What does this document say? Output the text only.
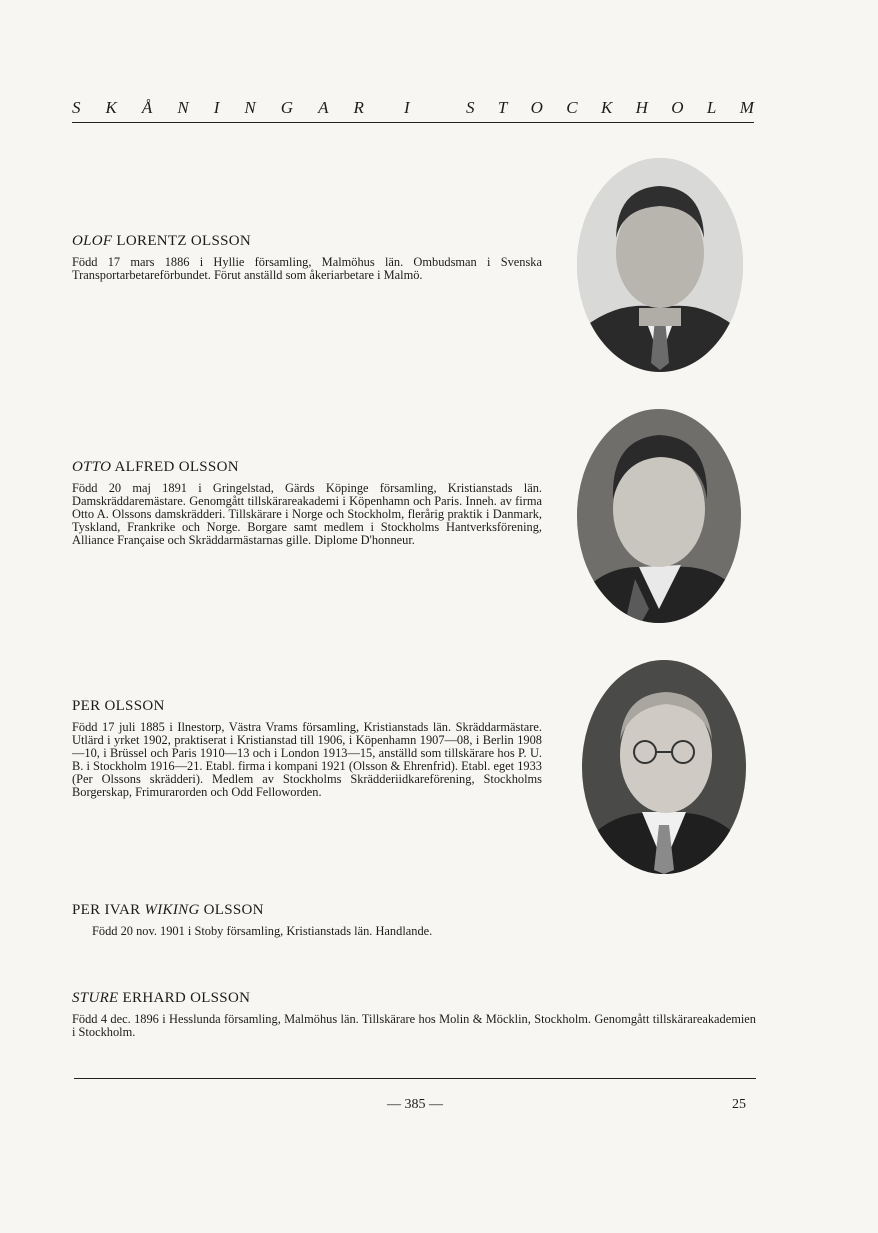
S K Å N I N G A R I	S T O C K H O L M

OLOF LORENTZ OLSSON

Född 17 mars 1886 i Hyllie församling, Malmöhus län. Ombudsman i Svenska Transportarbetareförbundet. Förut anställd som åkeriarbetare i Malmö.

OTTO ALFRED OLSSON

Född 20 maj 1891 i Gringelstad, Gärds Köpinge församling, Kristianstads län. Damskräddaremästare. Genomgått tillskärareakademi i Köpenhamn och Paris. Inneh. av firma Otto A. Olssons damskrädderi. Tillskärare i Norge och Stockholm, flerårig praktik i Danmark, Tyskland, Frankrike och Norge. Borgare samt medlem i Stockholms Hantverksförening, Alliance Française och Skräddarmästarnas gille. Diplome D'honneur.

PER OLSSON

Född 17 juli 1885 i Ilnestorp, Västra Vrams församling, Kristianstads län. Skräddarmästare. Utlärd i yrket 1902, praktiserat i Kristianstad till 1906, i Köpenhamn 1907—08, i Berlin 1908—10, i Brüssel och Paris 1910—13 och i London 1913—15, anställd som tillskärare hos P. U. B. i Stockholm 1916—21. Etabl. firma i kompani 1921 (Olsson & Ehrenfrid). Etabl. eget 1933 (Per Olssons skrädderi). Medlem av Stockholms Skrädderiidkareförening, Stockholms Borgerskap, Frimurarorden och Odd Felloworden.

PER IVAR WIKING OLSSON

Född 20 nov. 1901 i Stoby församling, Kristianstads län. Handlande.

STURE ERHARD OLSSON

Född 4 dec. 1896 i Hesslunda församling, Malmöhus län. Tillskärare hos Molin & Möcklin, Stockholm. Genomgått tillskärareakademien i Stockholm.

— 385 —	25
